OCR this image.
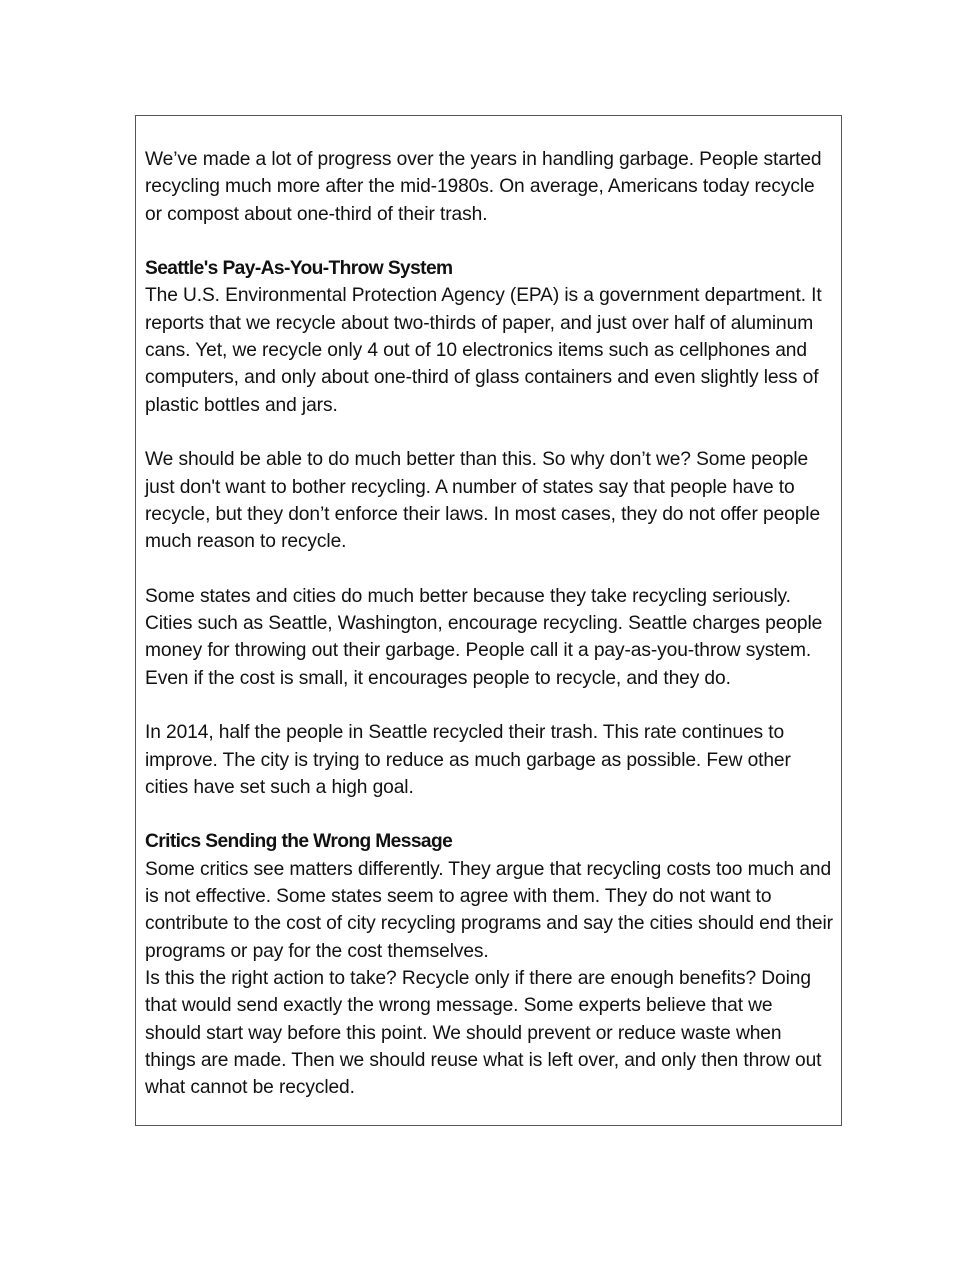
We’ve made a lot of progress over the years in handling garbage. People started recycling much more after the mid-1980s. On average, Americans today recycle or compost about one-third of their trash.

Seattle's Pay-As-You-Throw System

The U.S. Environmental Protection Agency (EPA) is a government department. It reports that we recycle about two-thirds of paper, and just over half of aluminum cans. Yet, we recycle only 4 out of 10 electronics items such as cellphones and computers, and only about one-third of glass containers and even slightly less of plastic bottles and jars.

We should be able to do much better than this. So why don’t we? Some people just don't want to bother recycling. A number of states say that people have to recycle, but they don’t enforce their laws. In most cases, they do not offer people much reason to recycle.

Some states and cities do much better because they take recycling seriously. Cities such as Seattle, Washington, encourage recycling. Seattle charges people money for throwing out their garbage. People call it a pay-as-you-throw system. Even if the cost is small, it encourages people to recycle, and they do.

In 2014, half the people in Seattle recycled their trash. This rate continues to improve. The city is trying to reduce as much garbage as possible. Few other cities have set such a high goal.

Critics Sending the Wrong Message

Some critics see matters differently. They argue that recycling costs too much and is not effective. Some states seem to agree with them. They do not want to contribute to the cost of city recycling programs and say the cities should end their programs or pay for the cost themselves.

Is this the right action to take? Recycle only if there are enough benefits? Doing that would send exactly the wrong message. Some experts believe that we should start way before this point. We should prevent or reduce waste when things are made. Then we should reuse what is left over, and only then throw out what cannot be recycled.
